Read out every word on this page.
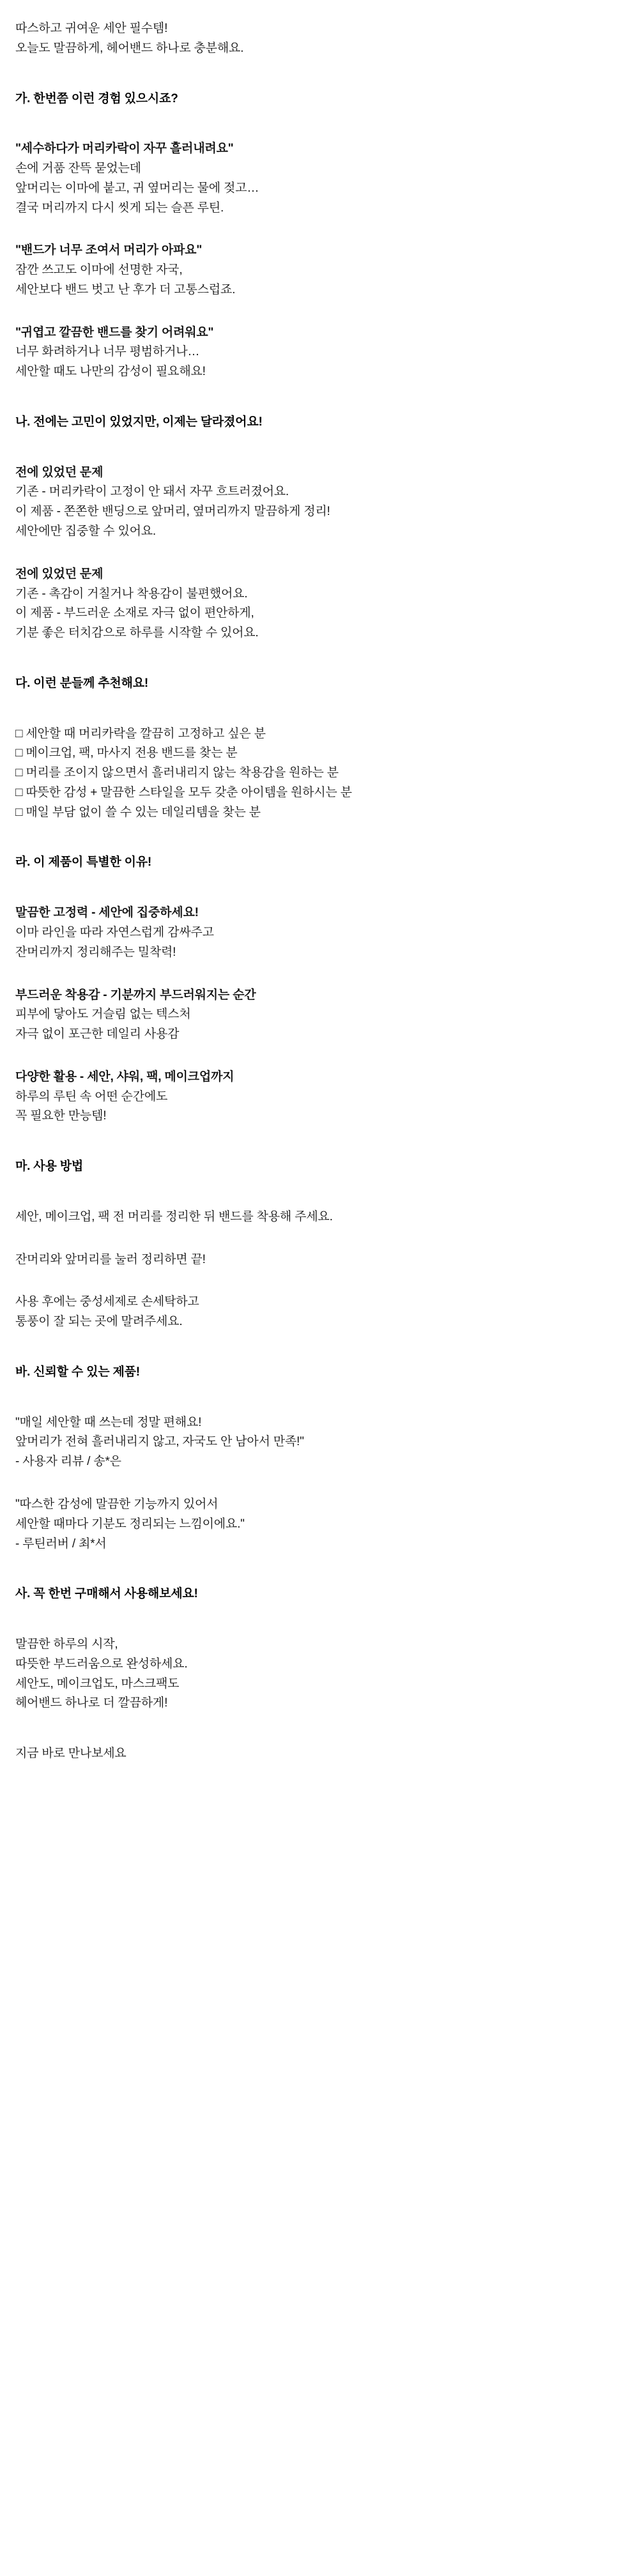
따스하고 귀여운 세안 필수템!
오늘도 말끔하게, 헤어밴드 하나로 충분해요.
가. 한번쯤 이런 경험 있으시죠?
"세수하다가 머리카락이 자꾸 흘러내려요"
손에 거품 잔뜩 묻었는데
앞머리는 이마에 붙고, 귀 옆머리는 물에 젖고…
결국 머리까지 다시 씻게 되는 슬픈 루틴.
"밴드가 너무 조여서 머리가 아파요"
잠깐 쓰고도 이마에 선명한 자국,
세안보다 밴드 벗고 난 후가 더 고통스럽죠.
"귀엽고 깔끔한 밴드를 찾기 어려워요"
너무 화려하거나 너무 평범하거나…
세안할 때도 나만의 감성이 필요해요!
나. 전에는 고민이 있었지만, 이제는 달라졌어요!
전에 있었던 문제
기존 - 머리카락이 고정이 안 돼서 자꾸 흐트러졌어요.
이 제품 - 쫀쫀한 밴딩으로 앞머리, 옆머리까지 말끔하게 정리!
세안에만 집중할 수 있어요.
전에 있었던 문제
기존 - 촉감이 거칠거나 착용감이 불편했어요.
이 제품 - 부드러운 소재로 자극 없이 편안하게,
기분 좋은 터치감으로 하루를 시작할 수 있어요.
다. 이런 분들께 추천해요!
□ 세안할 때 머리카락을 깔끔히 고정하고 싶은 분
□ 메이크업, 팩, 마사지 전용 밴드를 찾는 분
□ 머리를 조이지 않으면서 흘러내리지 않는 착용감을 원하는 분
□ 따뜻한 감성 + 말끔한 스타일을 모두 갖춘 아이템을 원하시는 분
□ 매일 부담 없이 쓸 수 있는 데일리템을 찾는 분
라. 이 제품이 특별한 이유!
말끔한 고정력 - 세안에 집중하세요!
이마 라인을 따라 자연스럽게 감싸주고
잔머리까지 정리해주는 밀착력!
부드러운 착용감 - 기분까지 부드러워지는 순간
피부에 닿아도 거슬림 없는 텍스처
자극 없이 포근한 데일리 사용감
다양한 활용 - 세안, 샤워, 팩, 메이크업까지
하루의 루틴 속 어떤 순간에도
꼭 필요한 만능템!
마. 사용 방법
세안, 메이크업, 팩 전 머리를 정리한 뒤 밴드를 착용해 주세요.
잔머리와 앞머리를 눌러 정리하면 끝!
사용 후에는 중성세제로 손세탁하고
통풍이 잘 되는 곳에 말려주세요.
바. 신뢰할 수 있는 제품!
"매일 세안할 때 쓰는데 정말 편해요!
앞머리가 전혀 흘러내리지 않고, 자국도 안 남아서 만족!"
- 사용자 리뷰 / 송*은
"따스한 감성에 말끔한 기능까지 있어서
세안할 때마다 기분도 정리되는 느낌이에요."
- 루틴러버 / 최*서
사. 꼭 한번 구매해서 사용해보세요!
말끔한 하루의 시작,
따뜻한 부드러움으로 완성하세요.
세안도, 메이크업도, 마스크팩도
헤어밴드 하나로 더 깔끔하게!
지금 바로 만나보세요
